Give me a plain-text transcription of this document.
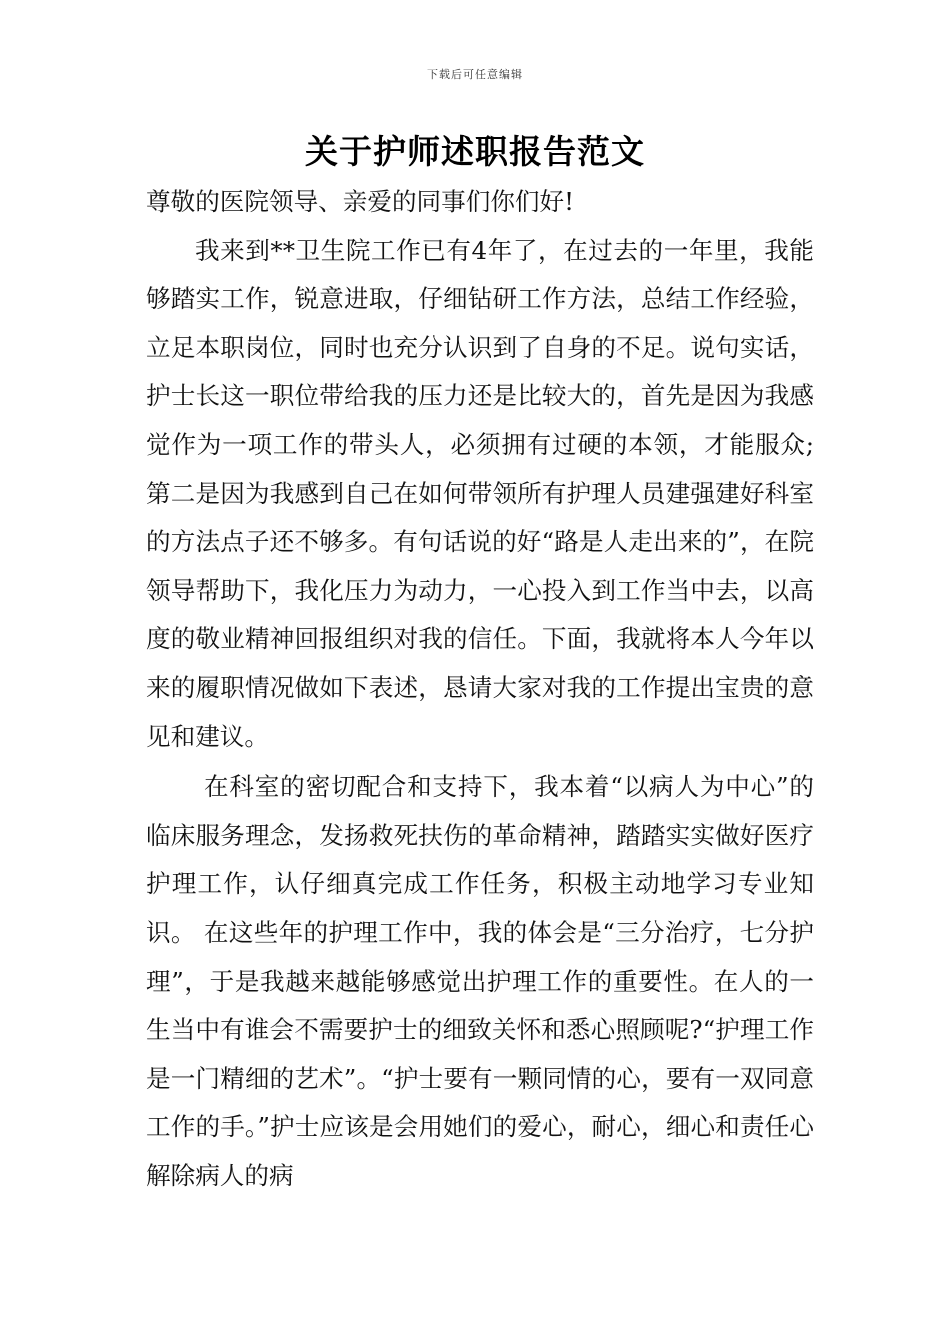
下载后可任意编辑
关于护师述职报告范文

尊敬的医院领导、亲爱的同事们你们好!

我来到**卫生院工作已有4年了，在过去的一年里，我能够踏实工作，锐意进取，仔细钻研工作方法，总结工作经验，立足本职岗位，同时也充分认识到了自身的不足。说句实话，护士长这一职位带给我的压力还是比较大的，首先是因为我感觉作为一项工作的带头人，必须拥有过硬的本领，才能服众;第二是因为我感到自己在如何带领所有护理人员建强建好科室的方法点子还不够多。有句话说的好“路是人走出来的”，在院领导帮助下，我化压力为动力，一心投入到工作当中去，以高度的敬业精神回报组织对我的信任。下面，我就将本人今年以来的履职情况做如下表述，恳请大家对我的工作提出宝贵的意见和建议。

在科室的密切配合和支持下，我本着“以病人为中心”的临床服务理念，发扬救死扶伤的革命精神，踏踏实实做好医疗护理工作，认仔细真完成工作任务，积极主动地学习专业知识。 在这些年的护理工作中，我的体会是“三分治疗，七分护理”，于是我越来越能够感觉出护理工作的重要性。在人的一生当中有谁会不需要护士的细致关怀和悉心照顾呢?“护理工作是一门精细的艺术”。“护士要有一颗同情的心，要有一双同意工作的手。”护士应该是会用她们的爱心，耐心，细心和责任心解除病人的病
